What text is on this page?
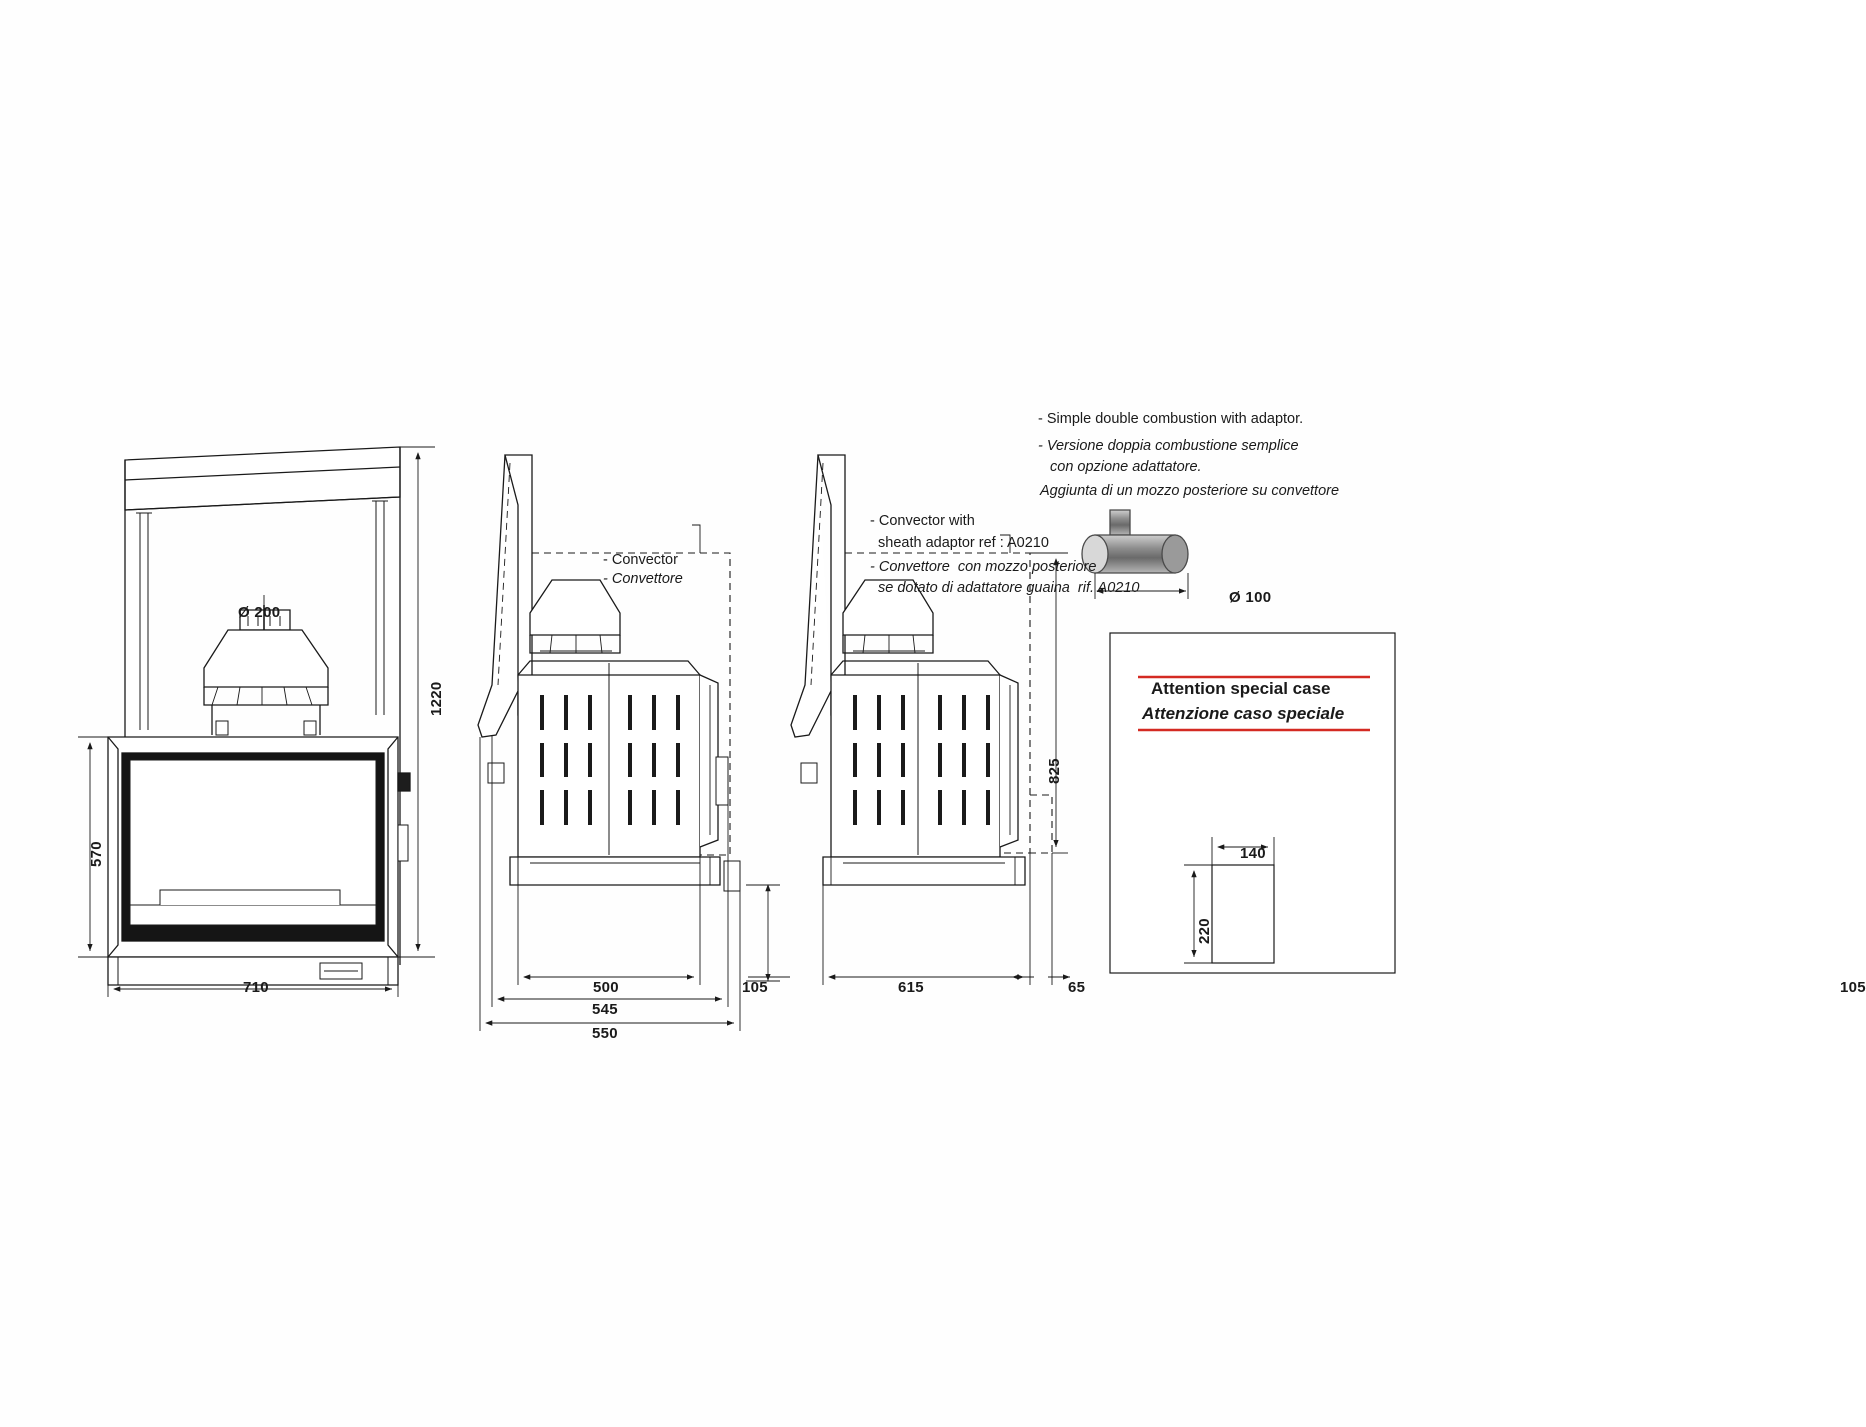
1220
570
710
Ø 200
- Convector
- Convettore
500
545
550
105
105
- Convector with
sheath adaptor ref : A0210
- Convettore  con mozzo posteriore
se dotato di adattatore guaina  rif. A0210
825
615	65
- Simple double combustion with adaptor.
- Versione doppia combustione semplice
con opzione adattatore.
Aggiunta di un mozzo posteriore su convettore
Ø 100
Attention special case
Attenzione caso speciale
140
220
